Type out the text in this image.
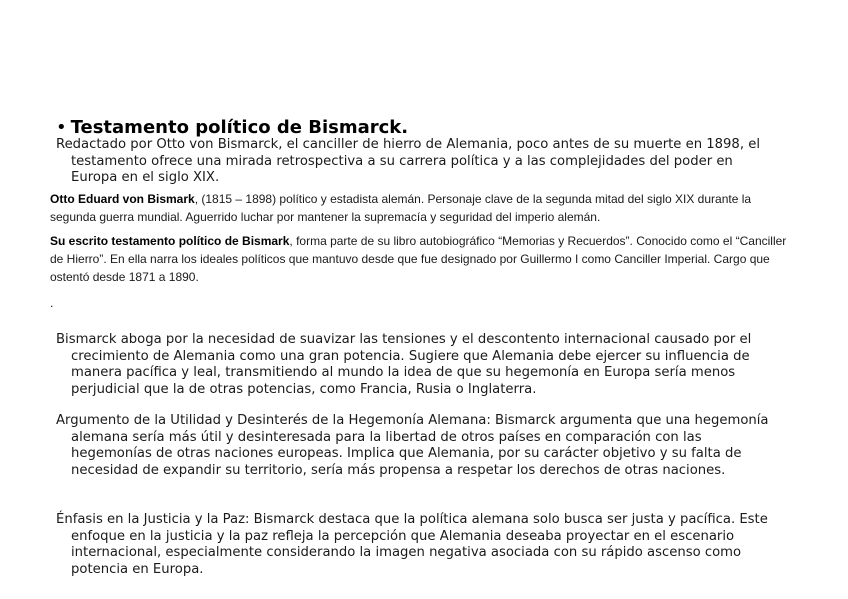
• Testamento político de Bismarck.
Redactado por Otto von Bismarck, el canciller de hierro de Alemania, poco antes de su muerte en 1898, el testamento ofrece una mirada retrospectiva a su carrera política y a las complejidades del poder en Europa en el siglo XIX.
Otto Eduard von Bismark, (1815 – 1898) político y estadista alemán. Personaje clave de la segunda mitad del siglo XIX durante la segunda guerra mundial. Aguerrido luchar por mantener la supremacía y seguridad del imperio alemán.
Su escrito testamento político de Bismark, forma parte de su libro autobiográfico “Memorias y Recuerdos”. Conocido como el “Canciller de Hierro”. En ella narra los ideales políticos que mantuvo desde que fue designado por Guillermo I como Canciller Imperial. Cargo que ostentó desde 1871 a 1890.
.
Bismarck aboga por la necesidad de suavizar las tensiones y el descontento internacional causado por el crecimiento de Alemania como una gran potencia. Sugiere que Alemania debe ejercer su influencia de manera pacífica y leal, transmitiendo al mundo la idea de que su hegemonía en Europa sería menos perjudicial que la de otras potencias, como Francia, Rusia o Inglaterra.
Argumento de la Utilidad y Desinterés de la Hegemonía Alemana: Bismarck argumenta que una hegemonía alemana sería más útil y desinteresada para la libertad de otros países en comparación con las hegemonías de otras naciones europeas. Implica que Alemania, por su carácter objetivo y su falta de necesidad de expandir su territorio, sería más propensa a respetar los derechos de otras naciones.
Énfasis en la Justicia y la Paz: Bismarck destaca que la política alemana solo busca ser justa y pacífica. Este enfoque en la justicia y la paz refleja la percepción que Alemania deseaba proyectar en el escenario internacional, especialmente considerando la imagen negativa asociada con su rápido ascenso como potencia en Europa.
